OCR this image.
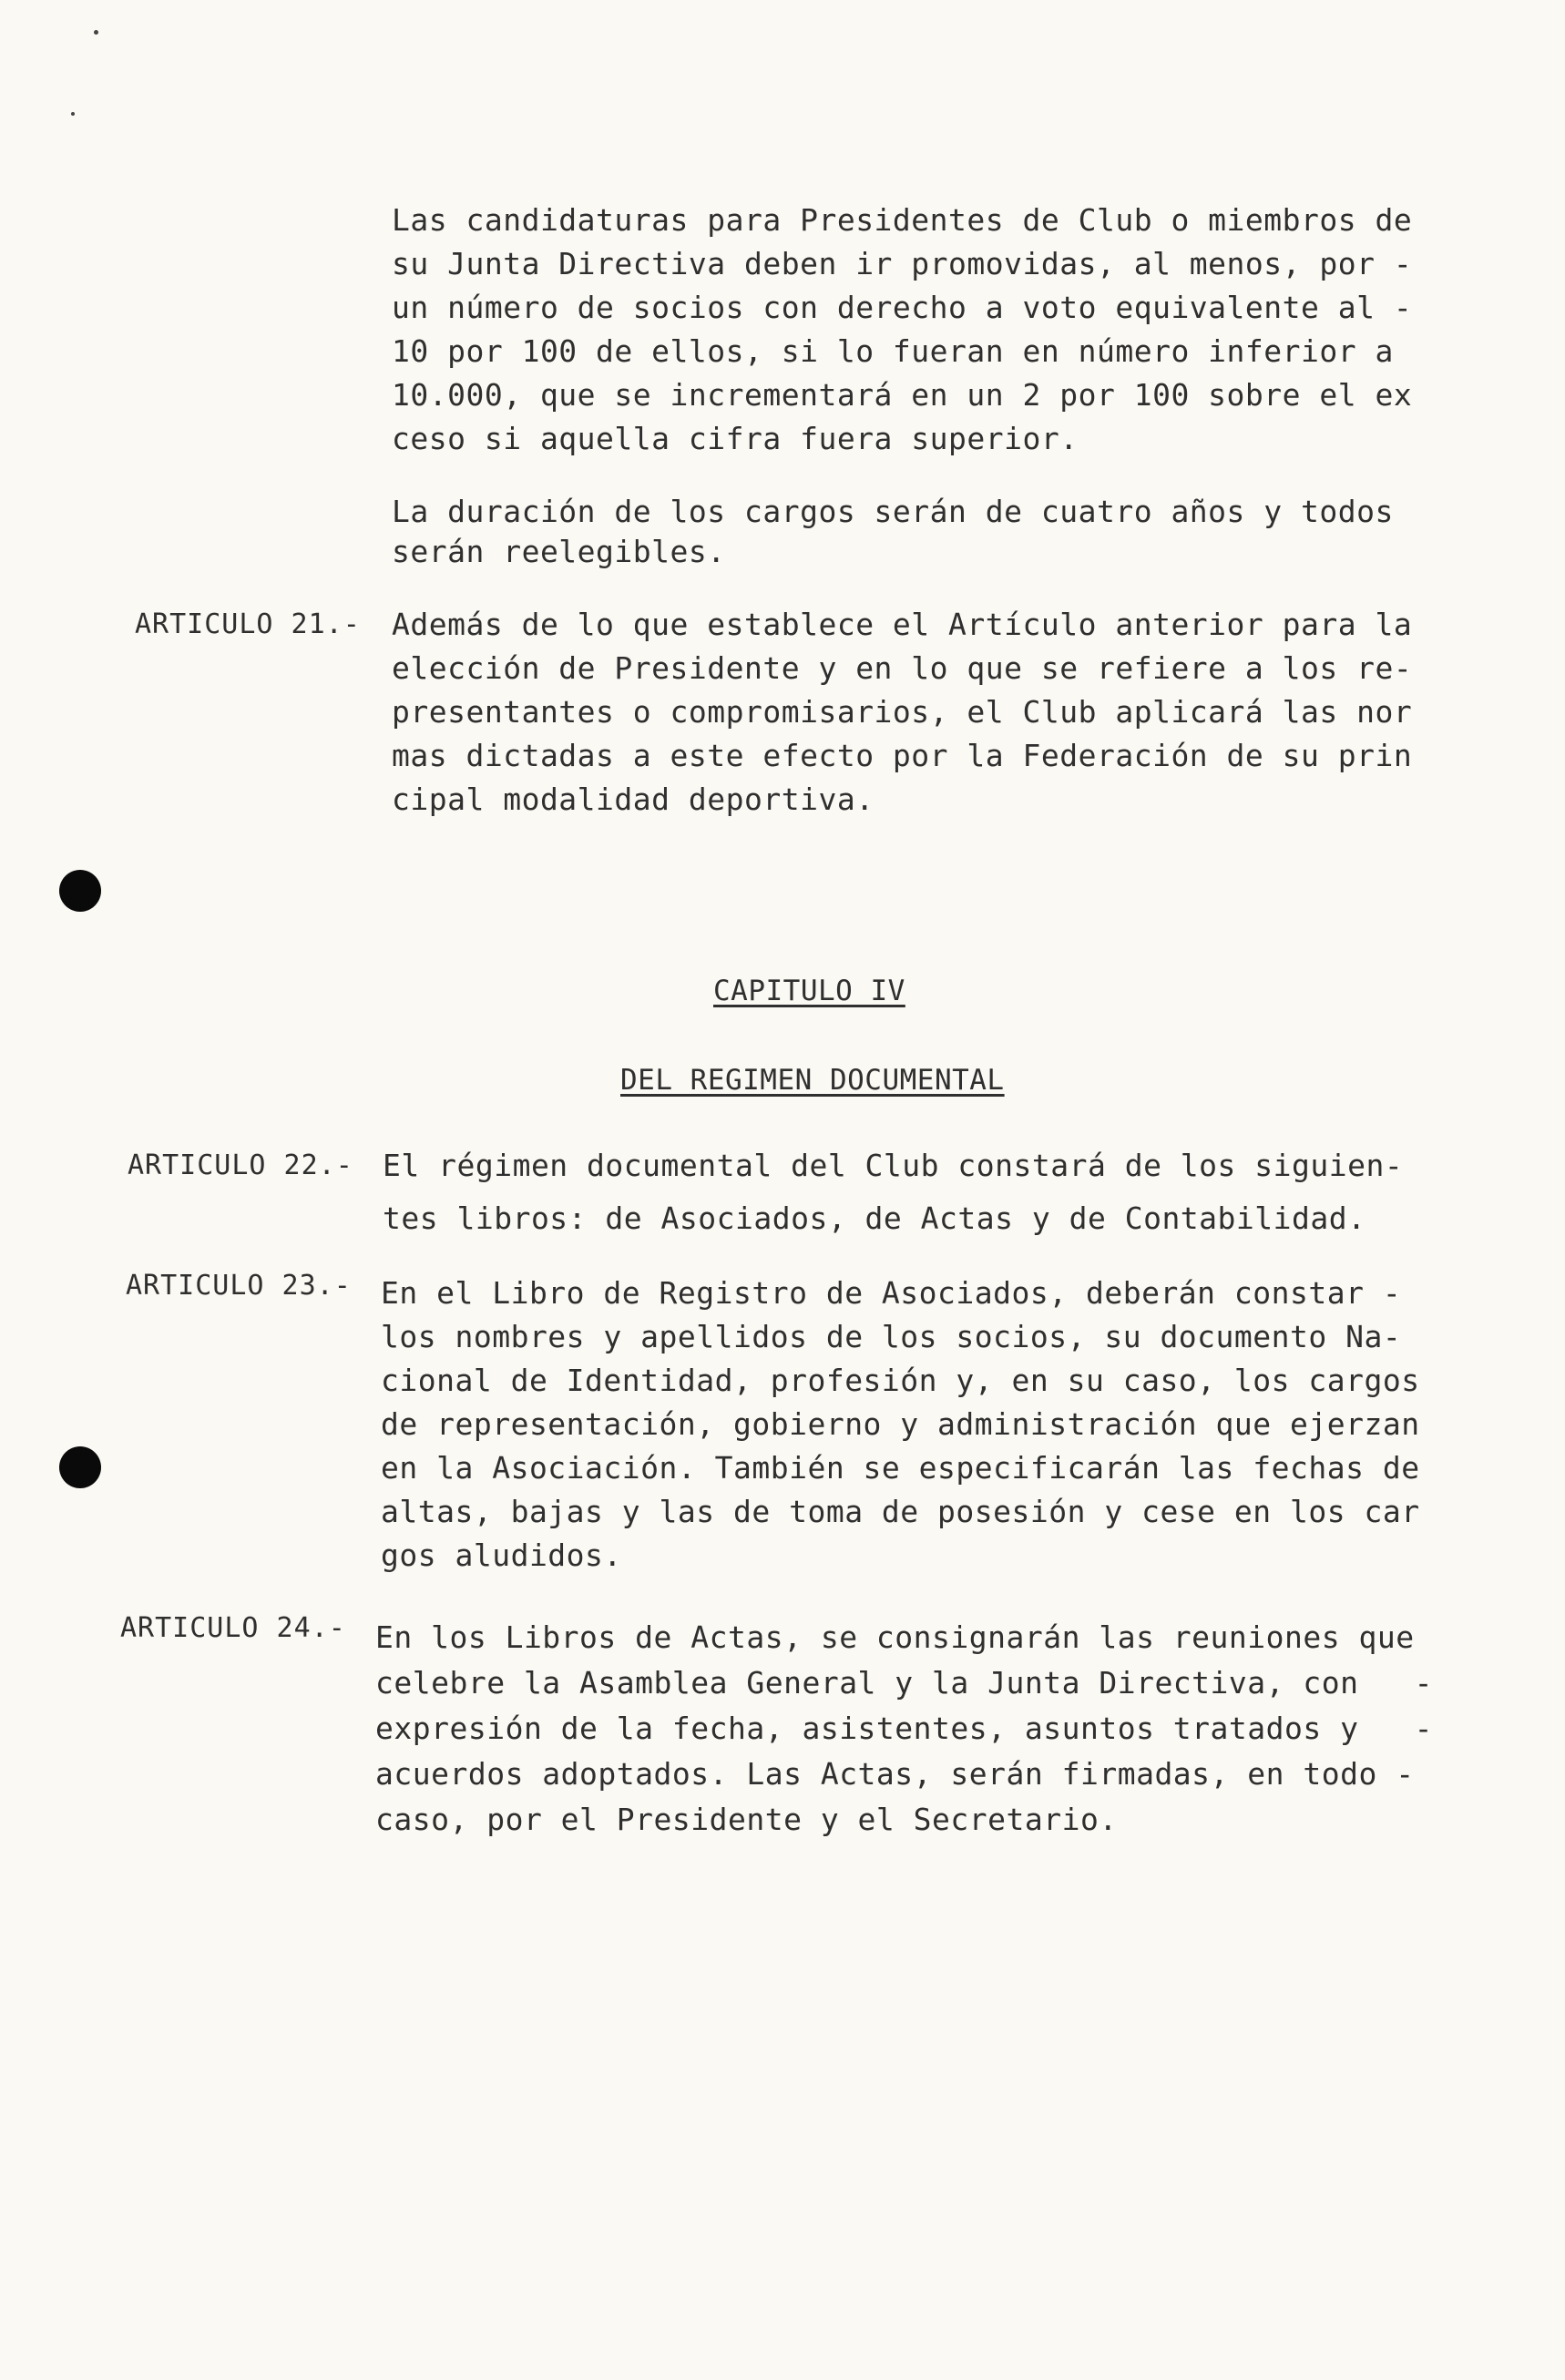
Las candidaturas para Presidentes de Club o miembros de
su Junta Directiva deben ir promovidas, al menos, por -
un número de socios con derecho a voto equivalente al -
10 por 100 de ellos, si lo fueran en número inferior a
10.000, que se incrementará en un 2 por 100 sobre el ex
ceso si aquella cifra fuera superior.
La duración de los cargos serán de cuatro años y todos
serán reelegibles.
ARTICULO 21.- Además de lo que establece el Artículo anterior para la
elección de Presidente y en lo que se refiere a los re-
presentantes o compromisarios, el Club aplicará las nor
mas dictadas a este efecto por la Federación de su prin
cipal modalidad deportiva.
CAPITULO IV
DEL REGIMEN DOCUMENTAL
ARTICULO 22.- El régimen documental del Club constará de los siguien-
tes libros: de Asociados, de Actas y de Contabilidad.
ARTICULO 23.- En el Libro de Registro de Asociados, deberán constar -
los nombres y apellidos de los socios, su documento Na-
cional de Identidad, profesión y, en su caso, los cargos
de representación, gobierno y administración que ejerzan
en la Asociación. También se especificarán las fechas de
altas, bajas y las de toma de posesión y cese en los car
gos aludidos.
ARTICULO 24.- En los Libros de Actas, se consignarán las reuniones que
celebre la Asamblea General y la Junta Directiva, con   -
expresión de la fecha, asistentes, asuntos tratados y   -
acuerdos adoptados. Las Actas, serán firmadas, en todo -
caso, por el Presidente y el Secretario.
